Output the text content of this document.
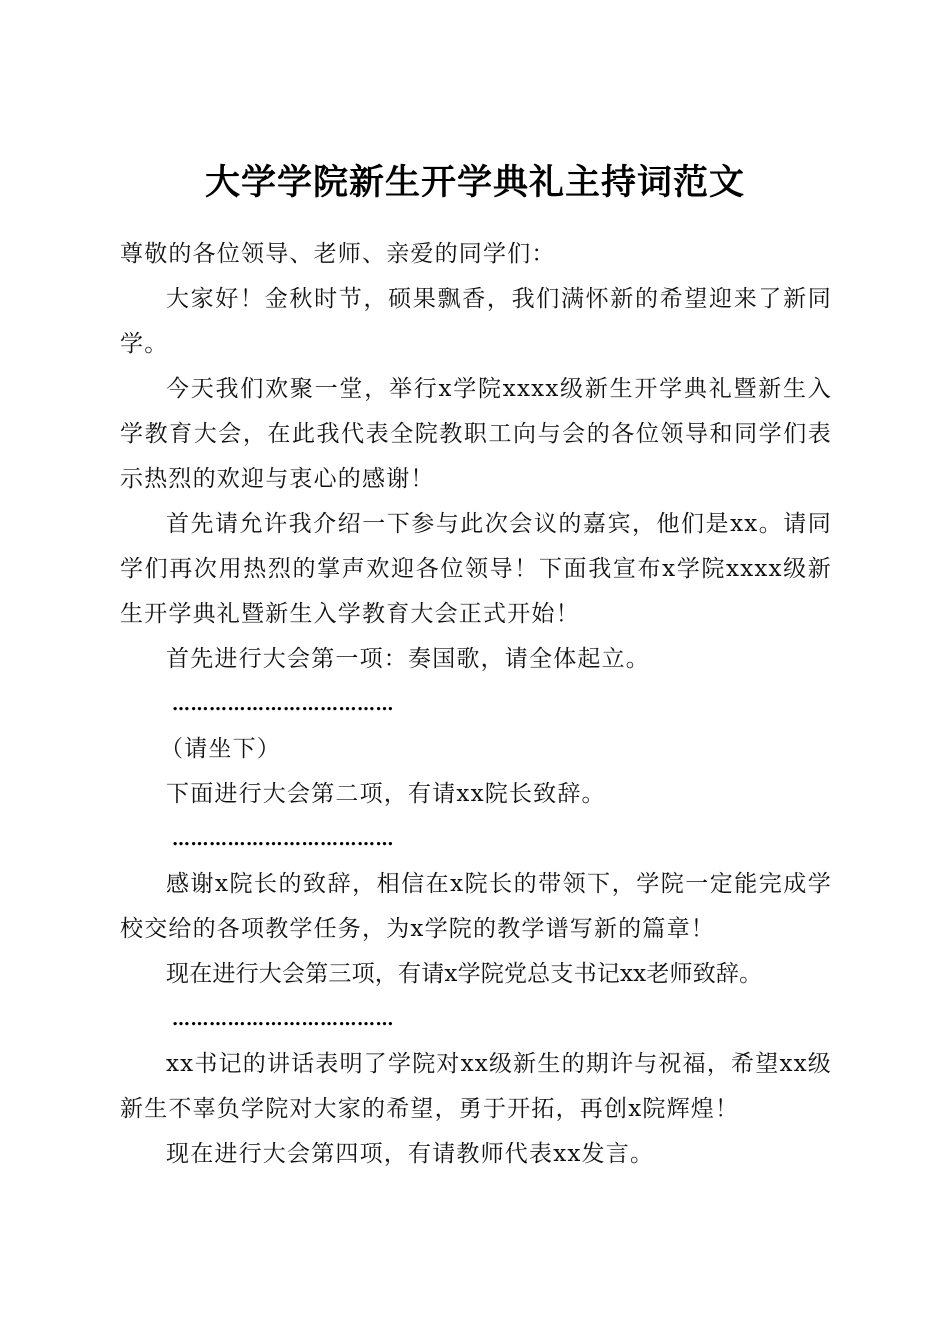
大学学院新生开学典礼主持词范文

尊敬的各位领导、老师、亲爱的同学们：

大家好！金秋时节，硕果飘香，我们满怀新的希望迎来了新同学。

今天我们欢聚一堂，举行x学院xxxx级新生开学典礼暨新生入学教育大会，在此我代表全院教职工向与会的各位领导和同学们表示热烈的欢迎与衷心的感谢！

首先请允许我介绍一下参与此次会议的嘉宾，他们是xx。请同学们再次用热烈的掌声欢迎各位领导！下面我宣布x学院xxxx级新生开学典礼暨新生入学教育大会正式开始！

首先进行大会第一项：奏国歌，请全体起立。

………………………………

（请坐下）

下面进行大会第二项，有请xx院长致辞。

………………………………

感谢x院长的致辞，相信在x院长的带领下，学院一定能完成学校交给的各项教学任务，为x学院的教学谱写新的篇章！

现在进行大会第三项，有请x学院党总支书记xx老师致辞。

………………………………

xx书记的讲话表明了学院对xx级新生的期许与祝福，希望xx级新生不辜负学院对大家的希望，勇于开拓，再创x院辉煌！

现在进行大会第四项，有请教师代表xx发言。
